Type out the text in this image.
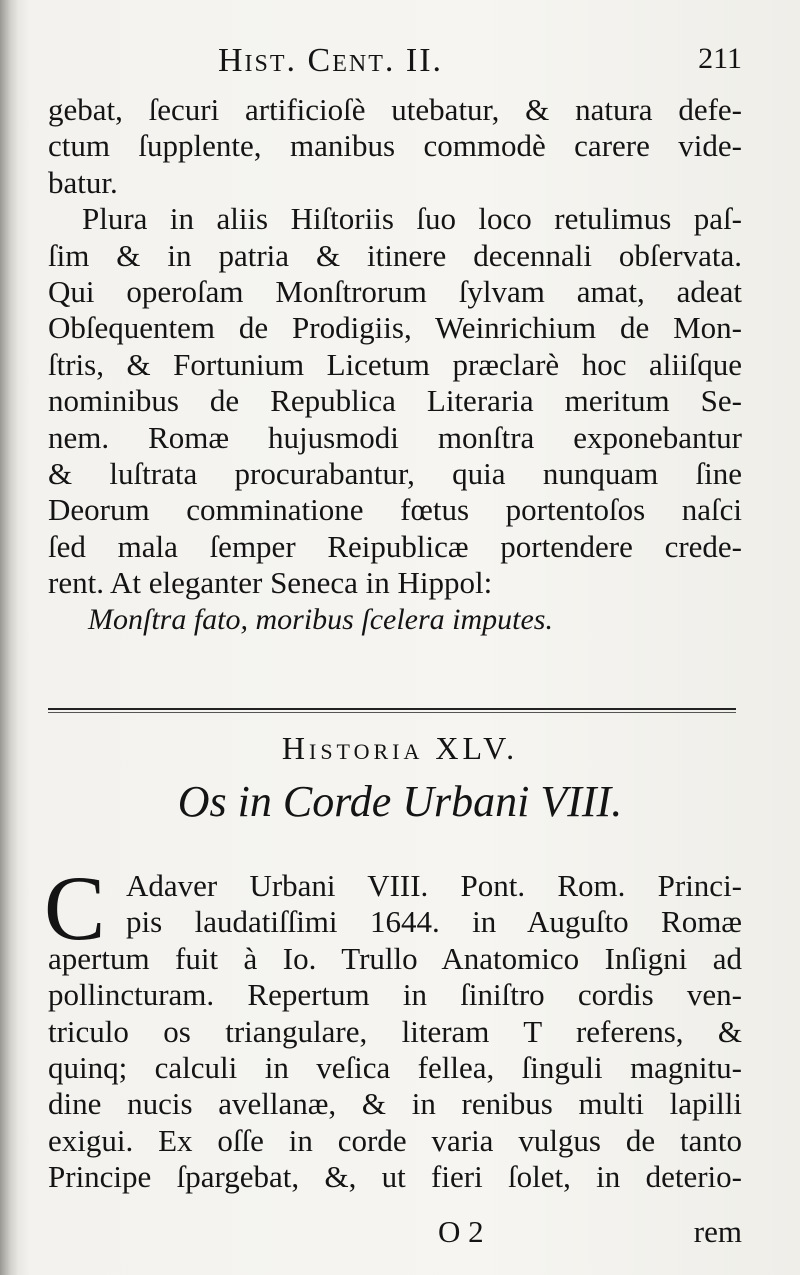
Hist. Cent. II.	211
gebat, ſecuri artificioſè utebatur, & natura defe-
ctum ſupplente, manibus commodè carere vide-
batur.
Plura in aliis Hiſtoriis ſuo loco retulimus paſ-
ſim & in patria & itinere decennali obſervata.
Qui operoſam Monſtrorum ſylvam amat, adeat
Obſequentem de Prodigiis, Weinrichium de Mon-
ſtris, & Fortunium Licetum præclarè hoc aliiſque
nominibus de Republica Literaria meritum Se-
nem. Romæ hujusmodi monſtra exponebantur
& luſtrata procurabantur, quia nunquam ſine
Deorum comminatione fœtus portentoſos naſci
ſed mala ſemper Reipublicæ portendere crede-
rent. At eleganter Seneca in Hippol:
Monſtra fato, moribus ſcelera imputes.
Historia XLV.
Os in Corde Urbani VIII.
C Adaver Urbani VIII. Pont. Rom. Princi-
pis laudatiſſimi 1644. in Auguſto Romæ
apertum fuit à Io. Trullo Anatomico Inſigni ad
pollincturam. Repertum in ſiniſtro cordis ven-
triculo os triangulare, literam T referens, &
quinq; calculi in veſica fellea, ſinguli magnitu-
dine nucis avellanæ, & in renibus multi lapilli
exigui. Ex oſſe in corde varia vulgus de tanto
Principe ſpargebat, &, ut fieri ſolet, in deterio-
O 2	rem
